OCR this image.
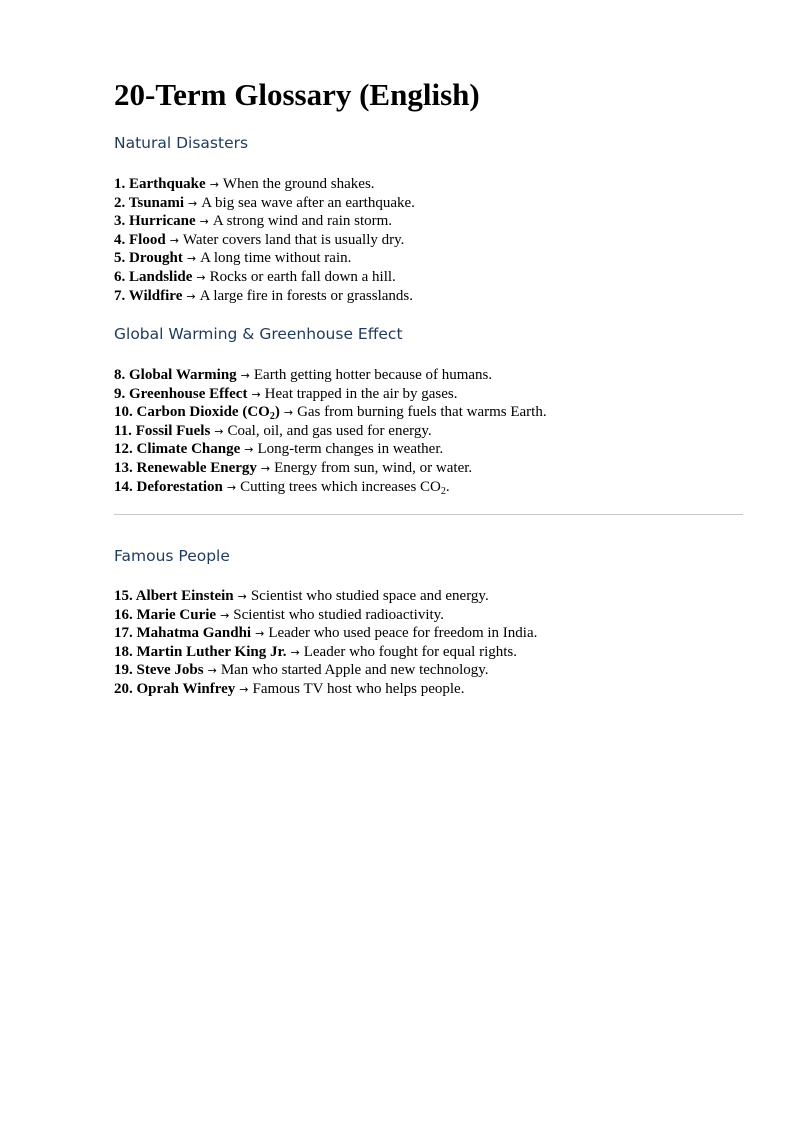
20-Term Glossary (English)
Natural Disasters
1. Earthquake → When the ground shakes.
2. Tsunami → A big sea wave after an earthquake.
3. Hurricane → A strong wind and rain storm.
4. Flood → Water covers land that is usually dry.
5. Drought → A long time without rain.
6. Landslide → Rocks or earth fall down a hill.
7. Wildfire → A large fire in forests or grasslands.
Global Warming & Greenhouse Effect
8. Global Warming → Earth getting hotter because of humans.
9. Greenhouse Effect → Heat trapped in the air by gases.
10. Carbon Dioxide $(CO_2)$ → Gas from burning fuels that warms Earth.
11. Fossil Fuels → Coal, oil, and gas used for energy.
12. Climate Change → Long-term changes in weather.
13. Renewable Energy → Energy from sun, wind, or water.
14. Deforestation → Cutting trees which increases $CO_2$.
Famous People
15. Albert Einstein → Scientist who studied space and energy.
16. Marie Curie → Scientist who studied radioactivity.
17. Mahatma Gandhi → Leader who used peace for freedom in India.
18. Martin Luther King Jr. → Leader who fought for equal rights.
19. Steve Jobs → Man who started Apple and new technology.
20. Oprah Winfrey → Famous TV host who helps people.
